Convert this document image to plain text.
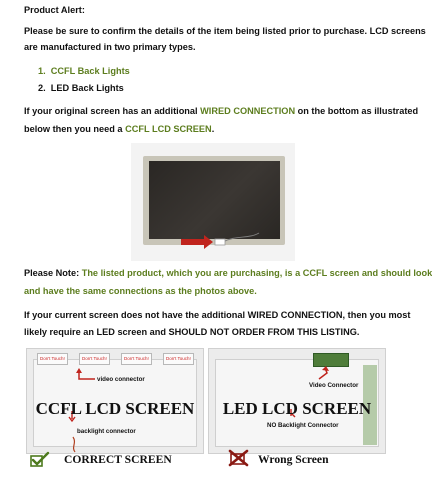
Product Alert:
Please be sure to confirm the details of the item being listed prior to purchase. LCD screens
are manufactured in two primary types.
1. CCFL Back Lights
2. LED Back Lights
If your original screen has an additional WIRED CONNECTION on the bottom as illustrated
below then you need a CCFL LCD SCREEN.
Please Note: The listed product, which you are purchasing, is a CCFL screen and should look
and have the same connections as the photos above.
If your current screen does not have the additional WIRED CONNECTION, then you most
likely require an LED screen and SHOULD NOT ORDER FROM THIS LISTING.
Don't Touch!	Don't Touch!	Don't Touch!	Don't Touch!
video connector
CCFL LCD SCREEN
backlight connector
Video Connector
LED LCD SCREEN
NO Backlight Connector
CORRECT SCREEN	Wrong Screen
